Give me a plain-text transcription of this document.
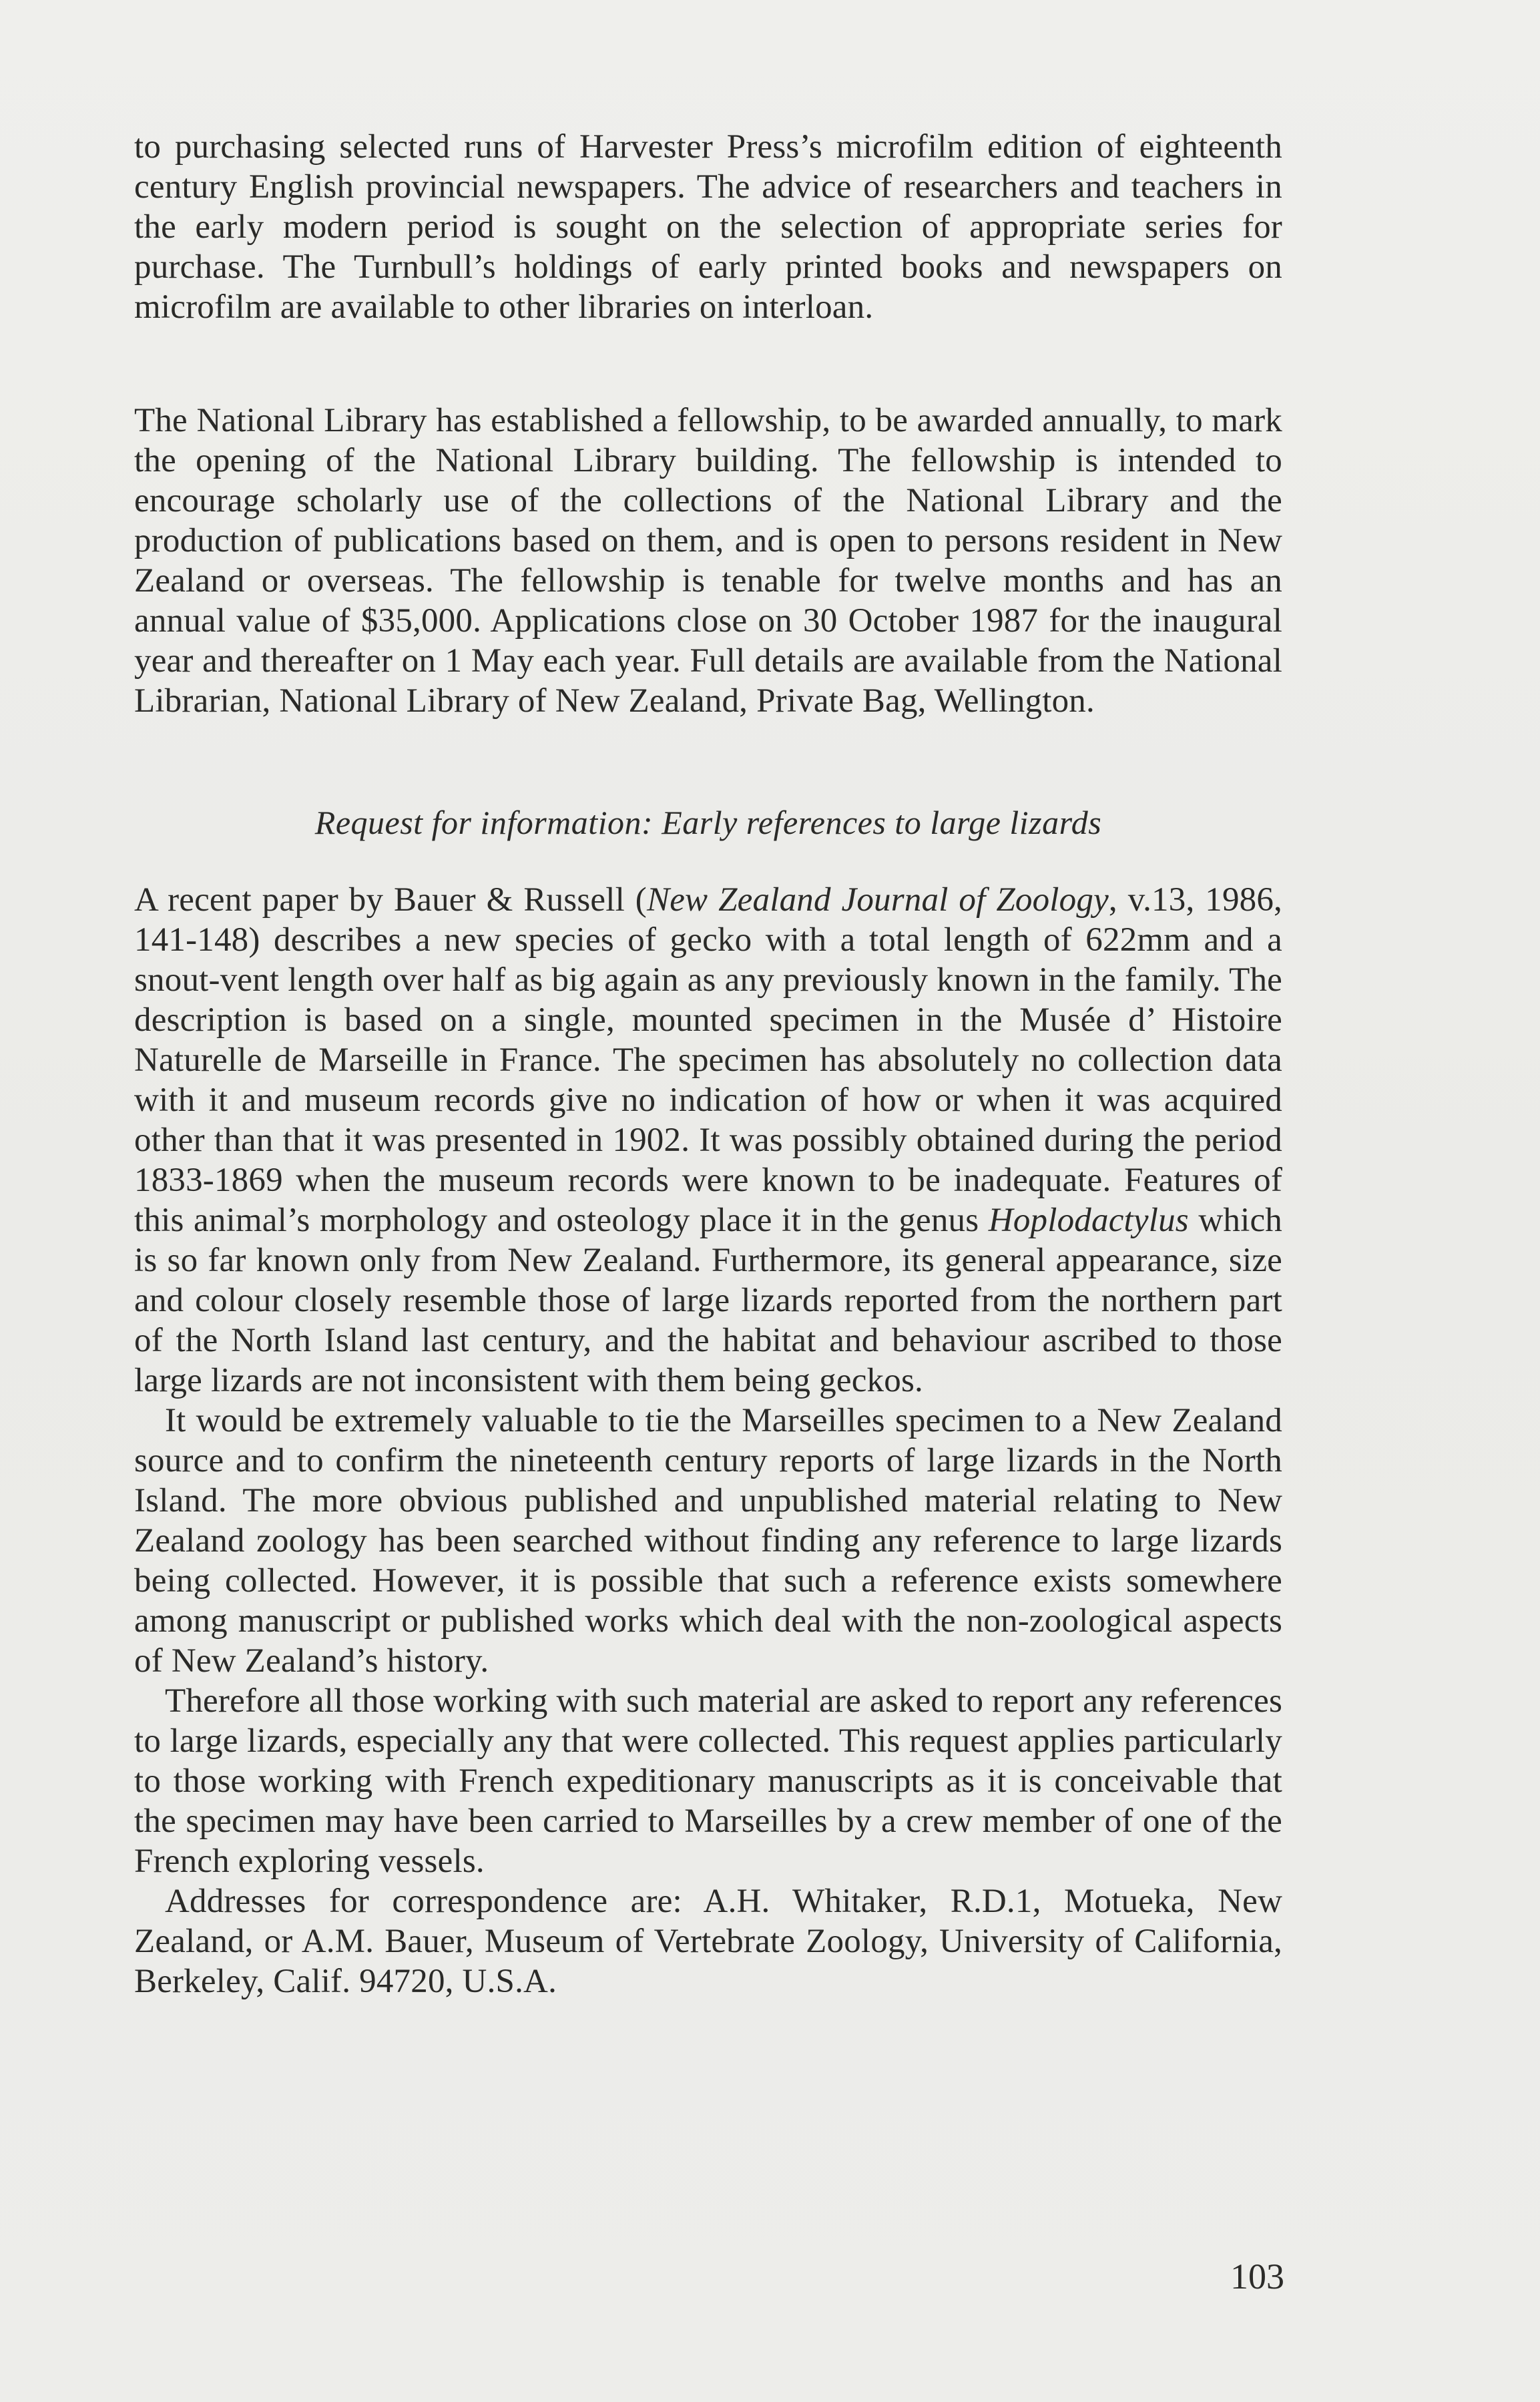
to purchasing selected runs of Harvester Press’s microfilm edition of eighteenth century English provincial newspapers. The advice of researchers and teachers in the early modern period is sought on the selection of appropriate series for purchase. The Turnbull’s holdings of early printed books and newspapers on microfilm are available to other libraries on interloan.

The National Library has established a fellowship, to be awarded annually, to mark the opening of the National Library building. The fellowship is intended to encourage scholarly use of the collections of the National Library and the production of publications based on them, and is open to persons resident in New Zealand or overseas. The fellowship is tenable for twelve months and has an annual value of $35,000. Applications close on 30 October 1987 for the inaugural year and thereafter on 1 May each year. Full details are available from the National Librarian, National Library of New Zealand, Private Bag, Wellington.

Request for information: Early references to large lizards

A recent paper by Bauer & Russell (New Zealand Journal of Zoology, v.13, 1986, 141-148) describes a new species of gecko with a total length of 622mm and a snout-vent length over half as big again as any previously known in the family. The description is based on a single, mounted specimen in the Musée d’ Histoire Naturelle de Marseille in France. The specimen has absolutely no collection data with it and museum records give no indication of how or when it was acquired other than that it was presented in 1902. It was possibly obtained during the period 1833-1869 when the museum records were known to be inadequate. Features of this animal’s morphology and osteology place it in the genus Hoplodactylus which is so far known only from New Zealand. Furthermore, its general appearance, size and colour closely resemble those of large lizards reported from the northern part of the North Island last century, and the habitat and behaviour ascribed to those large lizards are not inconsistent with them being geckos.

It would be extremely valuable to tie the Marseilles specimen to a New Zealand source and to confirm the nineteenth century reports of large lizards in the North Island. The more obvious published and unpublished material relating to New Zealand zoology has been searched without finding any reference to large lizards being collected. However, it is possible that such a reference exists somewhere among manuscript or published works which deal with the non-zoological aspects of New Zealand’s history.

Therefore all those working with such material are asked to report any references to large lizards, especially any that were collected. This request applies particularly to those working with French expeditionary manuscripts as it is conceivable that the specimen may have been carried to Marseilles by a crew member of one of the French exploring vessels.

Addresses for correspondence are: A.H. Whitaker, R.D.1, Motueka, New Zealand, or A.M. Bauer, Museum of Vertebrate Zoology, University of California, Berkeley, Calif. 94720, U.S.A.

103
